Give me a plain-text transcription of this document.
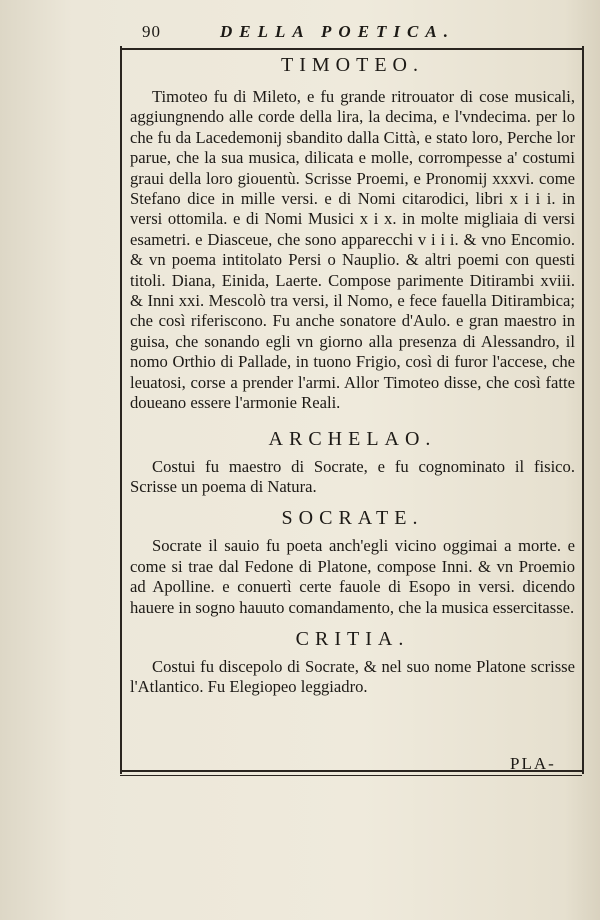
90	DELLA POETICA.
TIMOTEO.

Timoteo fu di Mileto, e fu grande ritrouator di cose musicali, aggiungnendo alle corde della lira, la decima, e l'vndecima. per lo che fu da Lacedemonij sbandito dalla Città, e stato loro, Perche lor parue, che la sua musica, dilicata e molle, corrompesse a' costumi graui della loro giouentù. Scrisse Proemi, e Pronomij xxxvi. come Stefano dice in mille versi. e di Nomi citarodici, libri x i i i. in versi ottomila. e di Nomi Musici x i x. in molte migliaia di versi esametri. e Diasceue, che sono apparecchi v i i i. & vno Encomio. & vn poema intitolato Persi o Nauplio. & altri poemi con questi titoli. Diana, Einida, Laerte. Compose parimente Ditirambi xviii. & Inni xxi. Mescolò tra versi, il Nomo, e fece fauella Ditirambica; che così riferiscono. Fu anche sonatore d'Aulo. e gran maestro in guisa, che sonando egli vn giorno alla presenza di Alessandro, il nomo Orthio di Pallade, in tuono Frigio, così di furor l'accese, che leuatosi, corse a prender l'armi. Allor Timoteo disse, che così fatte doueano essere l'armonie Reali.

ARCHELAO.

Costui fu maestro di Socrate, e fu cognominato il fisico. Scrisse un poema di Natura.

SOCRATE.

Socrate il sauio fu poeta anch'egli vicino oggimai a morte. e come si trae dal Fedone di Platone, compose Inni. & vn Proemio ad Apolline. e conuertì certe fauole di Esopo in versi. dicendo hauere in sogno hauuto comandamento, che la musica essercitasse.

CRITIA.

Costui fu discepolo di Socrate, & nel suo nome Platone scrisse l'Atlantico. Fu Elegiopeo leggiadro.

PLA-
